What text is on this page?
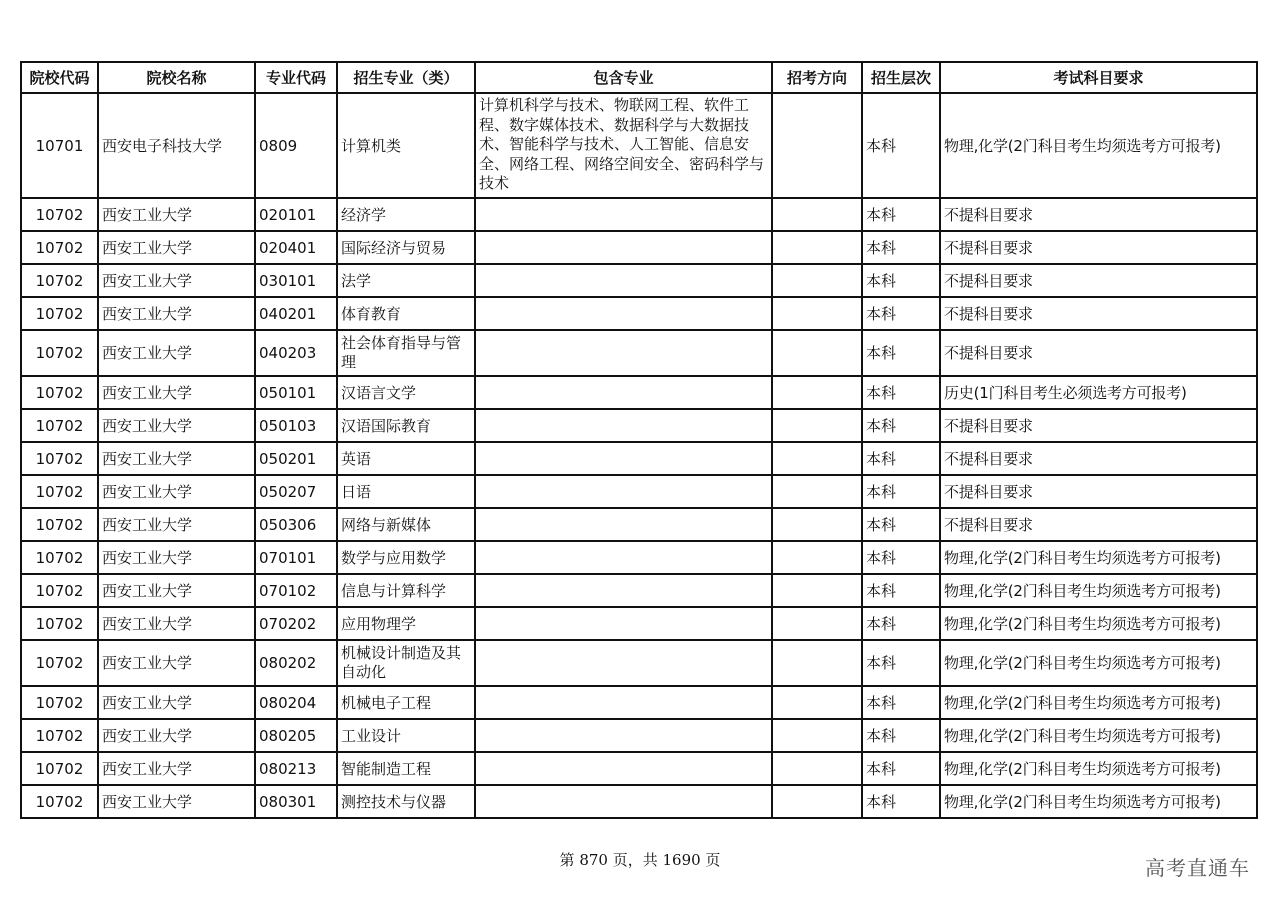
院校代码	院校名称	专业代码	招生专业（类）	包含专业	招考方向	招生层次	考试科目要求
10701	西安电子科技大学	0809	计算机类	计算机科学与技术、物联网工程、软件工程、数字媒体技术、数据科学与大数据技术、智能科学与技术、人工智能、信息安全、网络工程、网络空间安全、密码科学与技术		本科	物理,化学(2门科目考生均须选考方可报考)
10702	西安工业大学	020101	经济学			本科	不提科目要求
10702	西安工业大学	020401	国际经济与贸易			本科	不提科目要求
10702	西安工业大学	030101	法学			本科	不提科目要求
10702	西安工业大学	040201	体育教育			本科	不提科目要求
10702	西安工业大学	040203	社会体育指导与管理			本科	不提科目要求
10702	西安工业大学	050101	汉语言文学			本科	历史(1门科目考生必须选考方可报考)
10702	西安工业大学	050103	汉语国际教育			本科	不提科目要求
10702	西安工业大学	050201	英语			本科	不提科目要求
10702	西安工业大学	050207	日语			本科	不提科目要求
10702	西安工业大学	050306	网络与新媒体			本科	不提科目要求
10702	西安工业大学	070101	数学与应用数学			本科	物理,化学(2门科目考生均须选考方可报考)
10702	西安工业大学	070102	信息与计算科学			本科	物理,化学(2门科目考生均须选考方可报考)
10702	西安工业大学	070202	应用物理学			本科	物理,化学(2门科目考生均须选考方可报考)
10702	西安工业大学	080202	机械设计制造及其自动化			本科	物理,化学(2门科目考生均须选考方可报考)
10702	西安工业大学	080204	机械电子工程			本科	物理,化学(2门科目考生均须选考方可报考)
10702	西安工业大学	080205	工业设计			本科	物理,化学(2门科目考生均须选考方可报考)
10702	西安工业大学	080213	智能制造工程			本科	物理,化学(2门科目考生均须选考方可报考)
10702	西安工业大学	080301	测控技术与仪器			本科	物理,化学(2门科目考生均须选考方可报考)
第 870 页，共 1690 页	高考直通车
